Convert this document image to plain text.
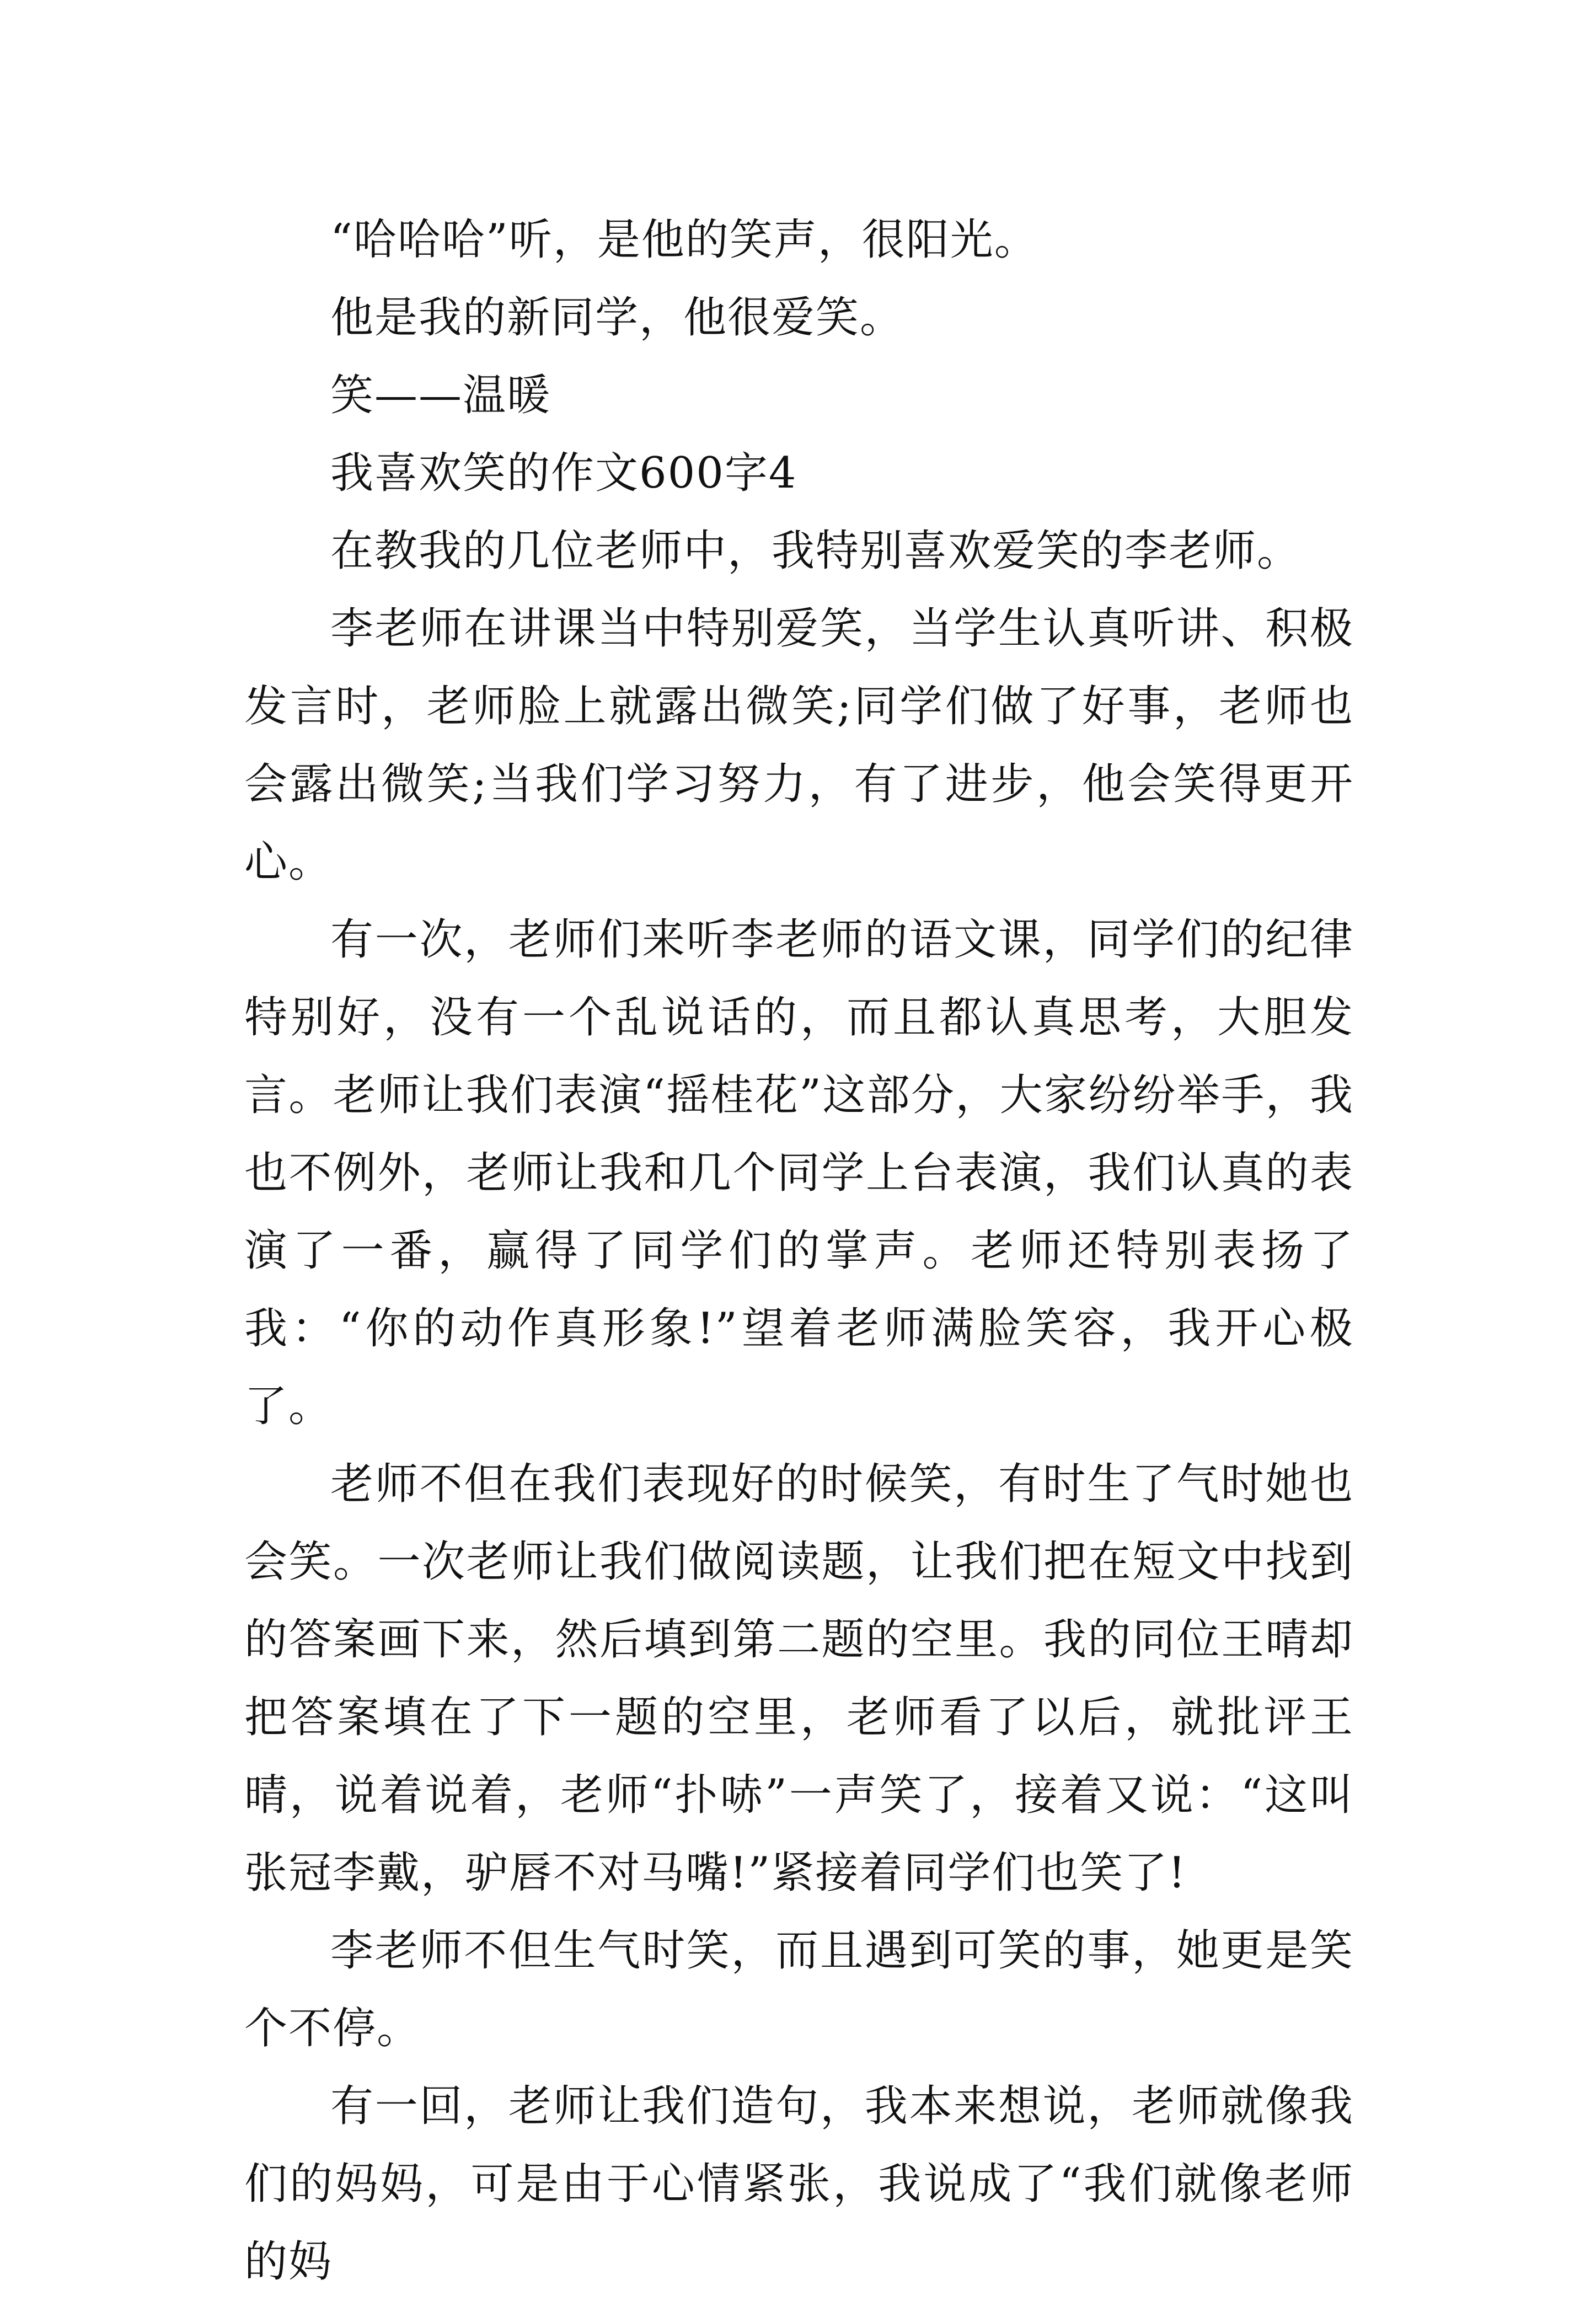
“哈哈哈”听，是他的笑声，很阳光。

他是我的新同学，他很爱笑。

笑——温暖

我喜欢笑的作文600字4

在教我的几位老师中，我特别喜欢爱笑的李老师。

李老师在讲课当中特别爱笑，当学生认真听讲、积极发言时，老师脸上就露出微笑;同学们做了好事，老师也会露出微笑;当我们学习努力，有了进步，他会笑得更开心。

有一次，老师们来听李老师的语文课，同学们的纪律特别好，没有一个乱说话的，而且都认真思考，大胆发言。老师让我们表演“摇桂花”这部分，大家纷纷举手，我也不例外，老师让我和几个同学上台表演，我们认真的表演了一番，赢得了同学们的掌声。老师还特别表扬了我：“你的动作真形象!”望着老师满脸笑容，我开心极了。

老师不但在我们表现好的时候笑，有时生了气时她也会笑。一次老师让我们做阅读题，让我们把在短文中找到的答案画下来，然后填到第二题的空里。我的同位王晴却把答案填在了下一题的空里，老师看了以后，就批评王晴，说着说着，老师“扑哧”一声笑了，接着又说：“这叫张冠李戴，驴唇不对马嘴!”紧接着同学们也笑了!

李老师不但生气时笑，而且遇到可笑的事，她更是笑个不停。

有一回，老师让我们造句，我本来想说，老师就像我们的妈妈，可是由于心情紧张，我说成了“我们就像老师的妈
